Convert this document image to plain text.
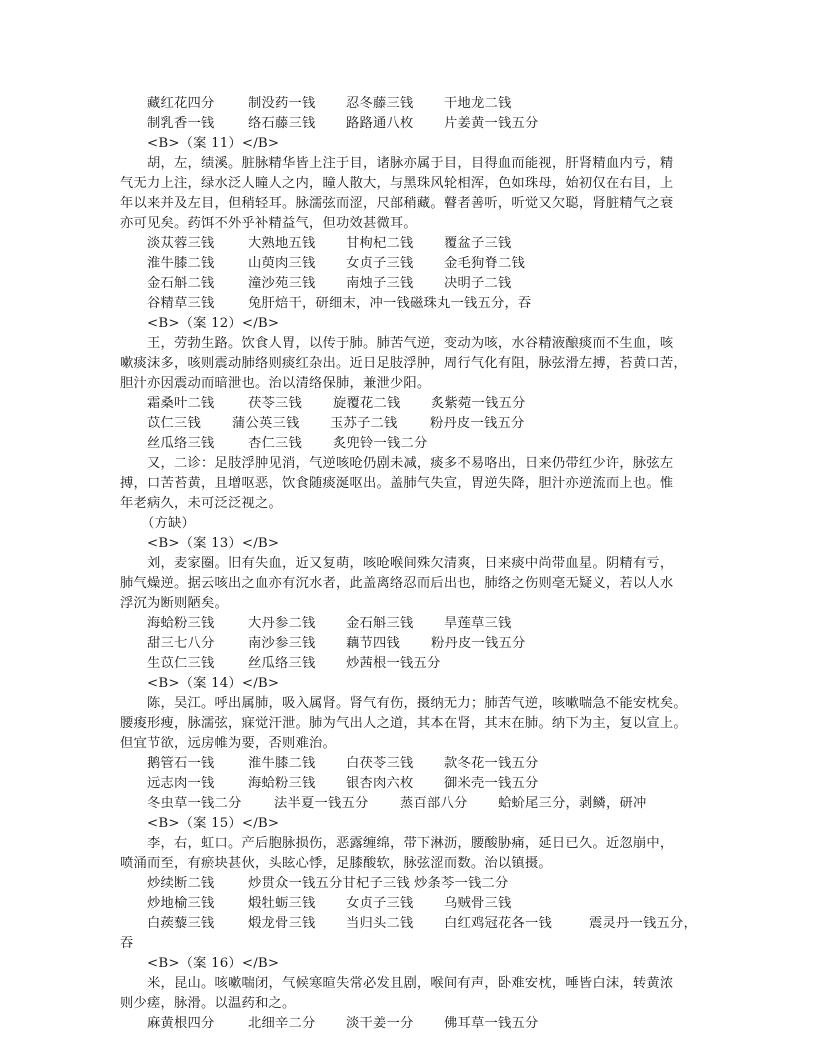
藏红花四分	制没药一钱 忍冬藤三钱 干地龙二钱
制乳香一钱	络石藤三钱 路路通八枚 片姜黄一钱五分
<B>（案 11）</B>
胡，左，绩溪。脏脉精华皆上注于目，诸脉亦属于目，目得血而能视，肝肾精血内亏，精
气无力上注，绿水泛人瞳人之内，瞳人散大，与黑珠风轮相浑，色如珠母，始初仅在右目，上
年以来并及左目，但稍轻耳。脉濡弦而涩，尺部稍藏。瞽者善听，听觉又欠聪，肾脏精气之衰
亦可见矣。药饵不外乎补精益气，但功效甚微耳。
淡苁蓉三钱	大熟地五钱 甘枸杞二钱 覆盆子三钱
淮牛膝二钱	山萸肉三钱 女贞子三钱 金毛狗脊二钱
金石斛二钱	潼沙苑三钱 南烛子三钱 决明子二钱
谷精草三钱	兔肝焙干，研细末，冲一钱磁珠丸一钱五分，吞
<B>（案 12）</B>
王，劳勃生路。饮食人胃，以传于肺。肺苦气逆，变动为咳，水谷精液酿痰而不生血，咳
嗽痰沫多，咳则震动肺络则痰红杂出。近日足肢浮肿，周行气化有阻，脉弦滑左搏，苔黄口苦，
胆汁亦因震动而暗泄也。治以清络保肺，兼泄少阳。
霜桑叶二钱	茯苓三钱 旋覆花二钱 炙紫菀一钱五分
苡仁三钱 蒲公英三钱 玉苏子二钱 粉丹皮一钱五分
丝瓜络三钱	杏仁三钱 炙兜铃一钱二分
又，二诊：足肢浮肿见消，气逆咳呛仍剧未减，痰多不易咯出，日来仍带红少许，脉弦左
搏，口苦苔黄，且增呕恶，饮食随痰涎呕出。盖肺气失宣，胃逆失降，胆汁亦逆流而上也。惟
年老病久，未可泛泛视之。
（方缺）
<B>（案 13）</B>
刘，麦家圈。旧有失血，近又复萌，咳呛喉间殊欠清爽，日来痰中尚带血星。阴精有亏，
肺气燥逆。据云咳出之血亦有沉水者，此盖离络忍而后出也，肺络之伤则亳无疑义，若以人水
浮沉为断则陋矣。
海蛤粉三钱	大丹参二钱 金石斛三钱 旱莲草三钱
甜三七八分	南沙参三钱 藕节四钱 粉丹皮一钱五分
生苡仁三钱	丝瓜络三钱 炒茜根一钱五分
<B>（案 14）</B>
陈，吴江。呼出属肺，吸入属肾。肾气有伤，摄纳无力；肺苦气逆，咳嗽喘急不能安枕矣。
腰痠形瘦，脉濡弦，寐觉汗泄。肺为气出人之道，其本在肾，其末在肺。纳下为主，复以宣上。
但宜节欲，远房帷为要，否则难治。
鹅管石一钱	淮牛膝二钱 白茯苓三钱 款冬花一钱五分
远志肉一钱	海蛤粉三钱 银杏肉六枚 御米壳一钱五分
冬虫草一钱二分 法半夏一钱五分 蒸百部八分 蛤蚧尾三分，剥鳞，研冲
<B>（案 15）</B>
李，右，虹口。产后胞脉损伤，恶露缠绵，带下淋沥，腰酸胁痛，延日已久。近忽崩中，
喷涌而至，有瘀块甚伙，头眩心悸，足膝酸软，脉弦涩而数。治以镇摄。
炒续断二钱	炒贯众一钱五分甘杞子三钱 炒条芩一钱二分
炒地榆三钱	煅牡蛎三钱 女贞子三钱 乌贼骨三钱
白蒺藜三钱	煅龙骨三钱 当归头二钱 白红鸡冠花各一钱	震灵丹一钱五分，
吞
<B>（案 16）</B>
米，昆山。咳嗽喘闭，气候寒暄失常必发且剧，喉间有声，卧难安枕，唾皆白沫，转黄浓
则少瘥，脉滑。以温药和之。
麻黄根四分	北细辛二分 淡干姜一分 佛耳草一钱五分
